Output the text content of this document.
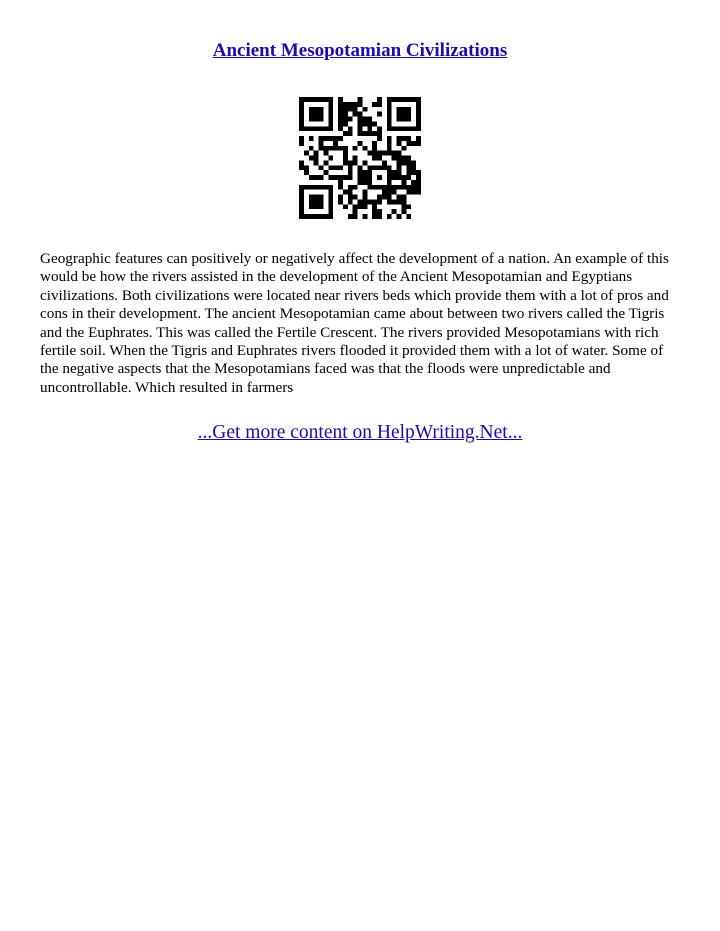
Ancient Mesopotamian Civilizations

Geographic features can positively or negatively affect the development of a nation. An example of this would be how the rivers assisted in the development of the Ancient Mesopotamian and Egyptians civilizations. Both civilizations were located near rivers beds which provide them with a lot of pros and cons in their development. The ancient Mesopotamian came about between two rivers called the Tigris and the Euphrates. This was called the Fertile Crescent. The rivers provided Mesopotamians with rich fertile soil. When the Tigris and Euphrates rivers flooded it provided them with a lot of water. Some of the negative aspects that the Mesopotamians faced was that the floods were unpredictable and uncontrollable. Which resulted in farmers

...Get more content on HelpWriting.Net...
